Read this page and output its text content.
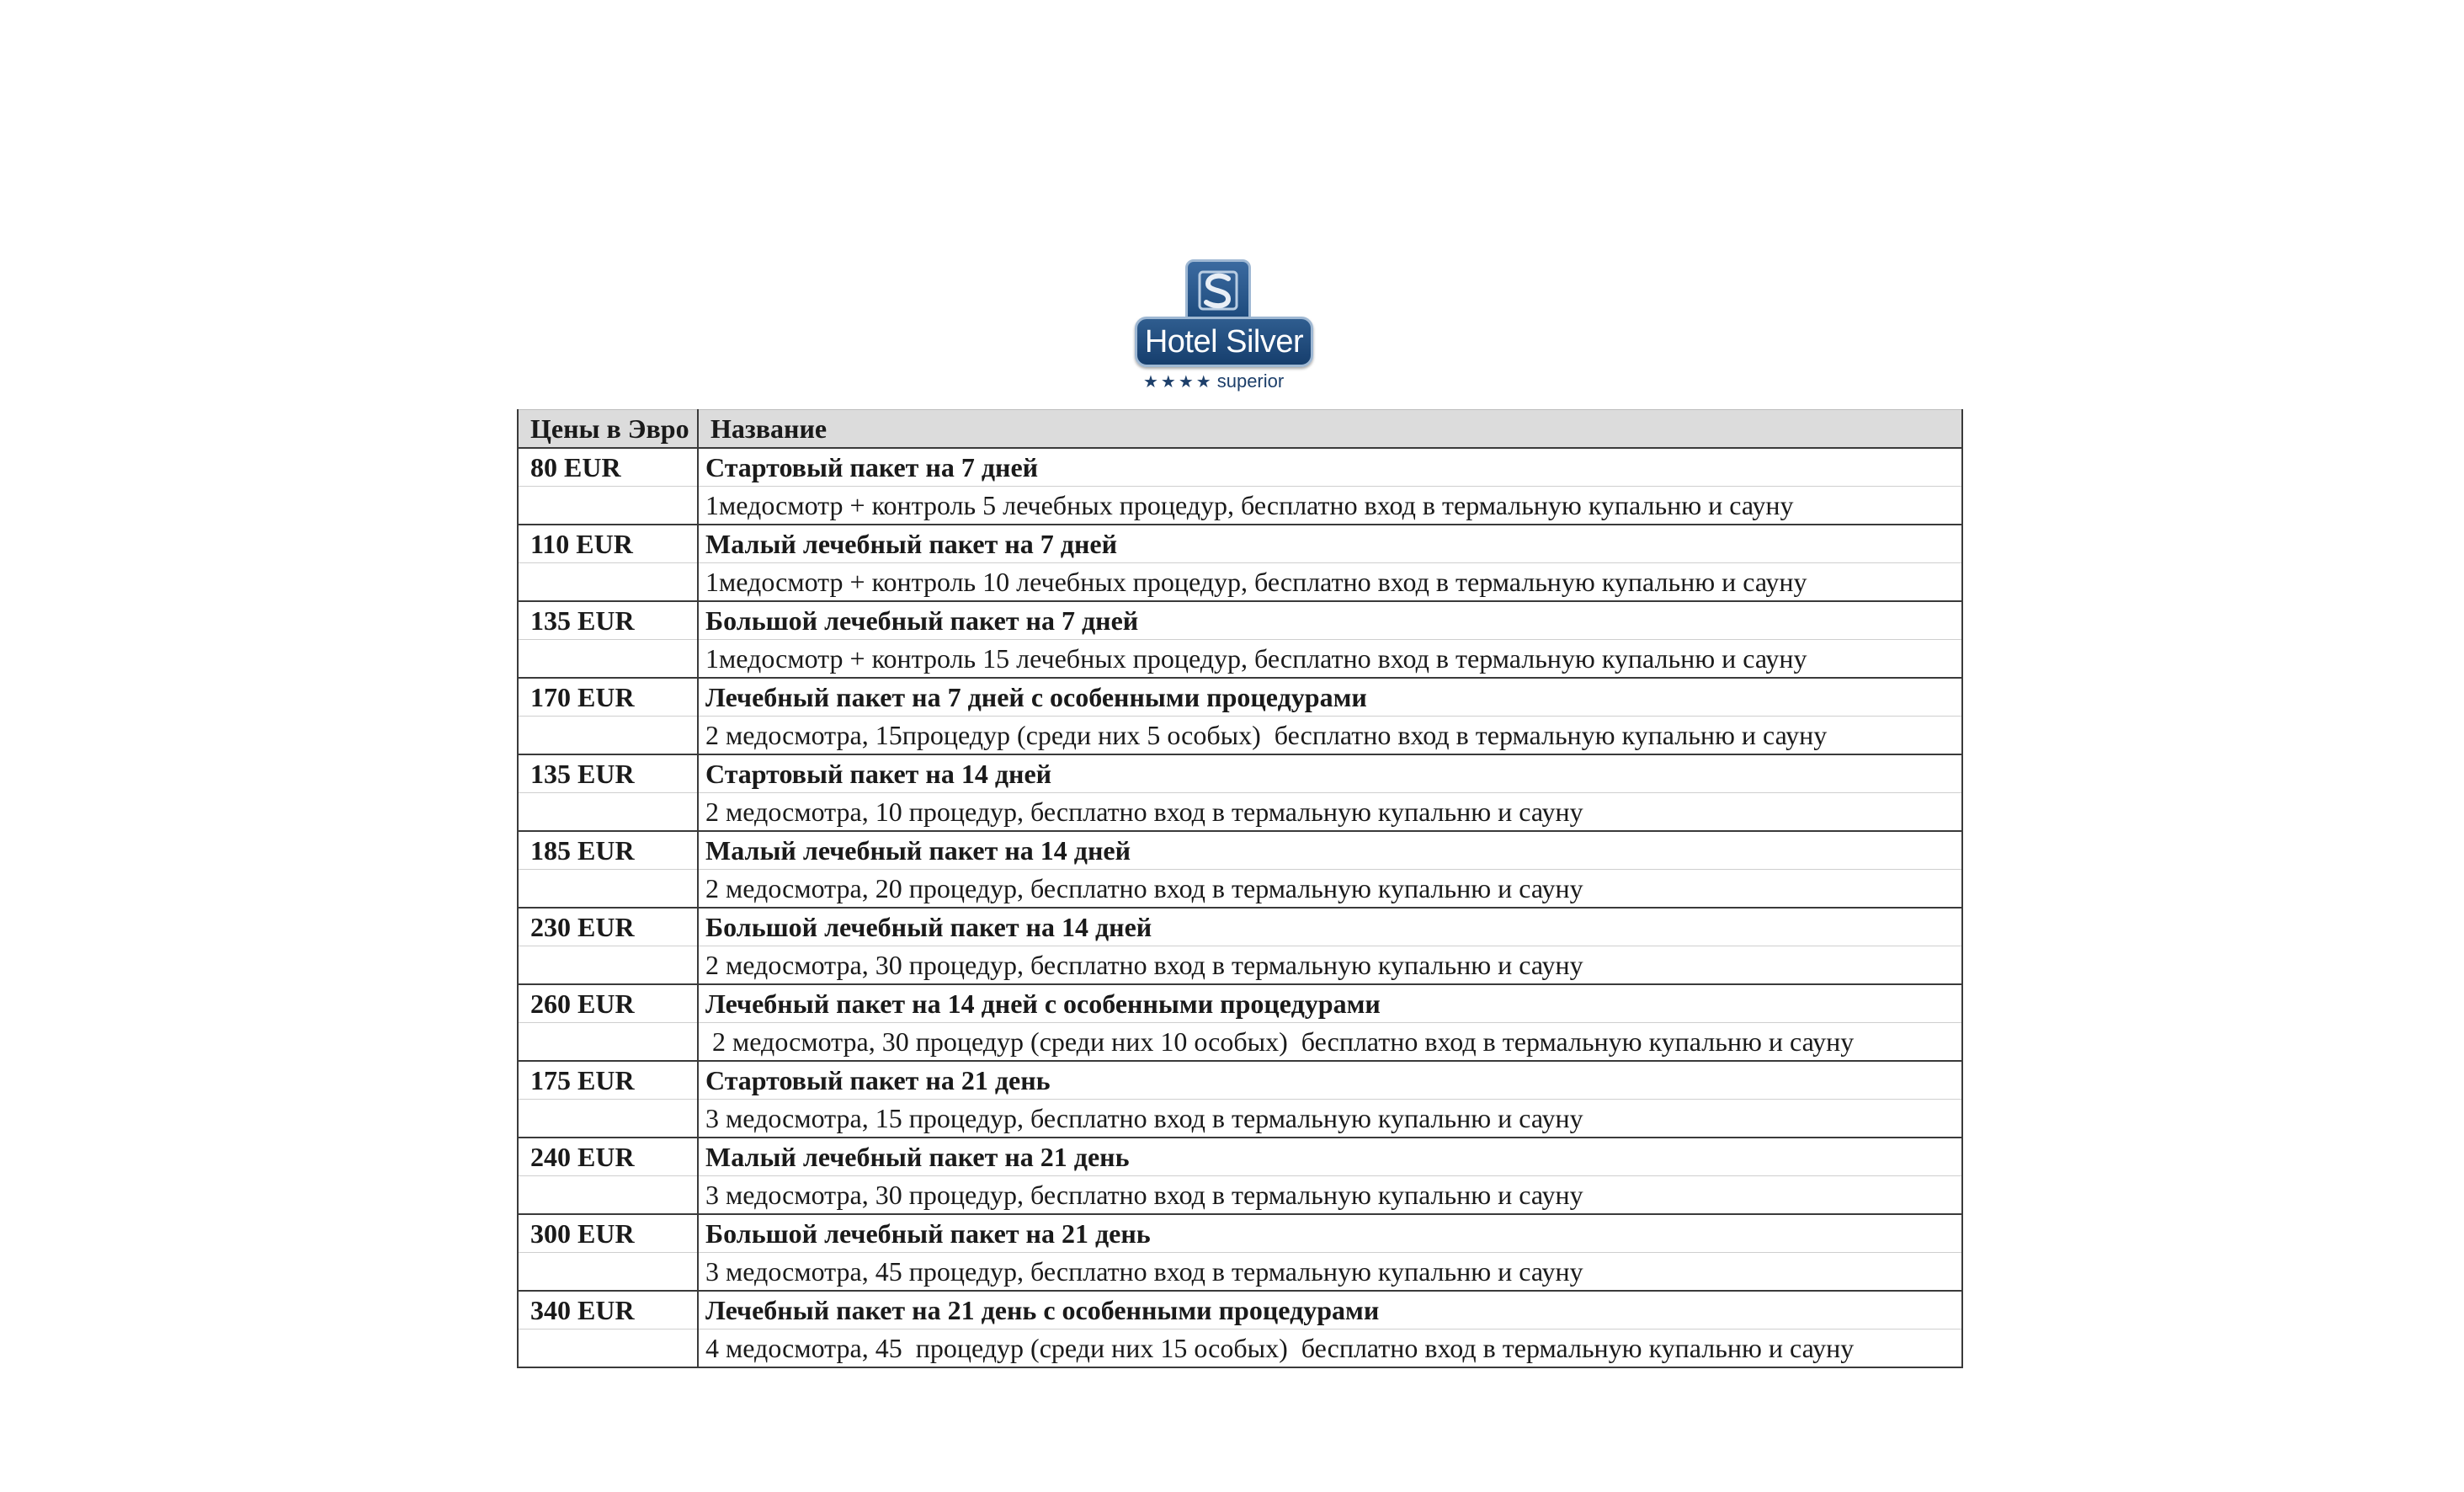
Hotel Silver
★★★★ superior
Цены в Эвро	Название
80 EUR	Стартовый пакет на 7 дней
	1медосмотр + контроль 5 лечебных процедур, бесплатно вход в термальную купальню и сауну
110 EUR	Малый лечебный пакет на 7 дней
	1медосмотр + контроль 10 лечебных процедур, бесплатно вход в термальную купальню и сауну
135 EUR	Большой лечебный пакет на 7 дней
	1медосмотр + контроль 15 лечебных процедур, бесплатно вход в термальную купальню и сауну
170 EUR	Лечебный пакет на 7 дней с особенными процедурами
	2 медосмотра, 15процедур (среди них 5 особых)  бесплатно вход в термальную купальню и сауну
135 EUR	Стартовый пакет на 14 дней
	2 медосмотра, 10 процедур, бесплатно вход в термальную купальню и сауну
185 EUR	Малый лечебный пакет на 14 дней
	2 медосмотра, 20 процедур, бесплатно вход в термальную купальню и сауну
230 EUR	Большой лечебный пакет на 14 дней
	2 медосмотра, 30 процедур, бесплатно вход в термальную купальню и сауну
260 EUR	Лечебный пакет на 14 дней с особенными процедурами
	2 медосмотра, 30 процедур (среди них 10 особых)  бесплатно вход в термальную купальню и сауну
175 EUR	Стартовый пакет на 21 день
	3 медосмотра, 15 процедур, бесплатно вход в термальную купальню и сауну
240 EUR	Малый лечебный пакет на 21 день
	3 медосмотра, 30 процедур, бесплатно вход в термальную купальню и сауну
300 EUR	Большой лечебный пакет на 21 день
	3 медосмотра, 45 процедур, бесплатно вход в термальную купальню и сауну
340 EUR	Лечебный пакет на 21 день с особенными процедурами
	4 медосмотра, 45  процедур (среди них 15 особых)  бесплатно вход в термальную купальню и сауну
